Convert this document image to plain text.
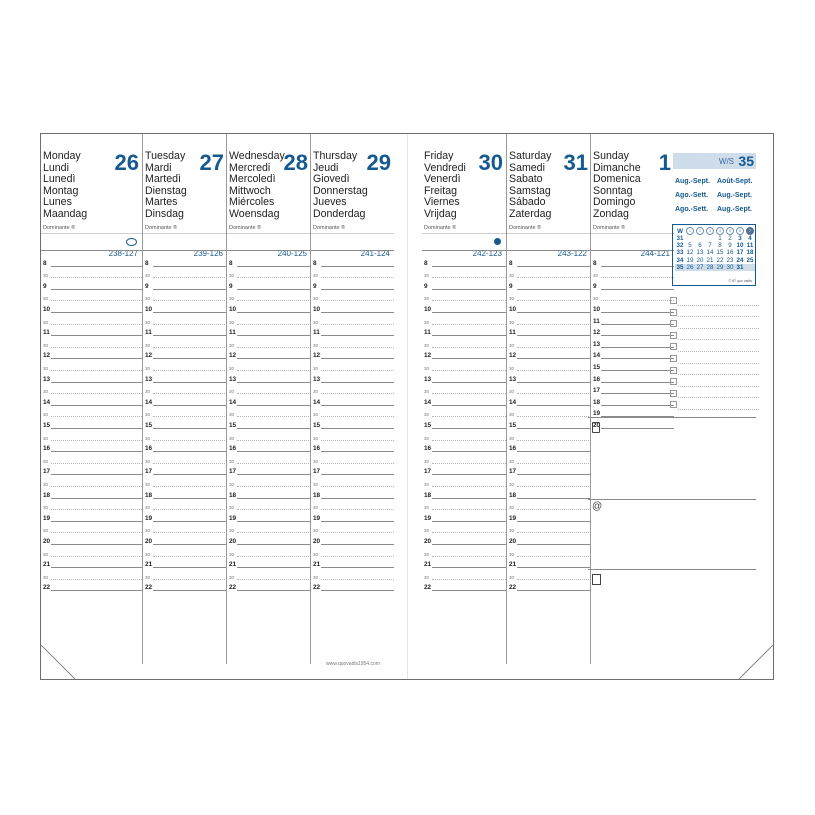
Monday
Lundi
Lunedì
Montag
Lunes
Maandag
26
Dominante ®
238-127
8
30
9
30
10
30
11
30
12
30
13
30
14
30
15
30
16
30
17
30
18
30
19
30
20
30
21
30
22
Tuesday
Mardi
Martedì
Dienstag
Martes
Dinsdag
27
Dominante ®
239-126
8
30
9
30
10
30
11
30
12
30
13
30
14
30
15
30
16
30
17
30
18
30
19
30
20
30
21
30
22
Wednesday
Mercredi
Mercoledì
Mittwoch
Miércoles
Woensdag
28
Dominante ®
240-125
8
30
9
30
10
30
11
30
12
30
13
30
14
30
15
30
16
30
17
30
18
30
19
30
20
30
21
30
22
Thursday
Jeudi
Giovedì
Donnerstag
Jueves
Donderdag
29
Dominante ®
241-124
8
30
9
30
10
30
11
30
12
30
13
30
14
30
15
30
16
30
17
30
18
30
19
30
20
30
21
30
22
Friday
Vendredi
Venerdì
Freitag
Viernes
Vrijdag
30
Dominante ®
242-123
8
30
9
30
10
30
11
30
12
30
13
30
14
30
15
30
16
30
17
30
18
30
19
30
20
30
21
30
22
Saturday
Samedi
Sabato
Samstag
Sábado
Zaterdag
31
Dominante ®
243-122
8
30
9
30
10
30
11
30
12
30
13
30
14
30
15
30
16
30
17
30
18
30
19
30
20
30
21
30
22
Sunday
Dimanche
Domenica
Sonntag
Domingo
Zondag
1
Dominante ®
244-121
8
30
9
30
10
11
12
13
14
15
16
17
18
19
20
W/S 35
Aug.-Sept. Août-Sept.
Ago.-Sett. Aug.-Sept.
Ago.-Sett. Aug.-Sept.
W	1	2	3	4	5	6	7
31				1	2	3	4
32	5	6	7	8	9	10	11
33	12	13	14	15	16	17	18
34	19	20	21	22	23	24	25
35	26	27	28	29	30	31	
© 87 quo vadis
@
www.quovadis1954.com
